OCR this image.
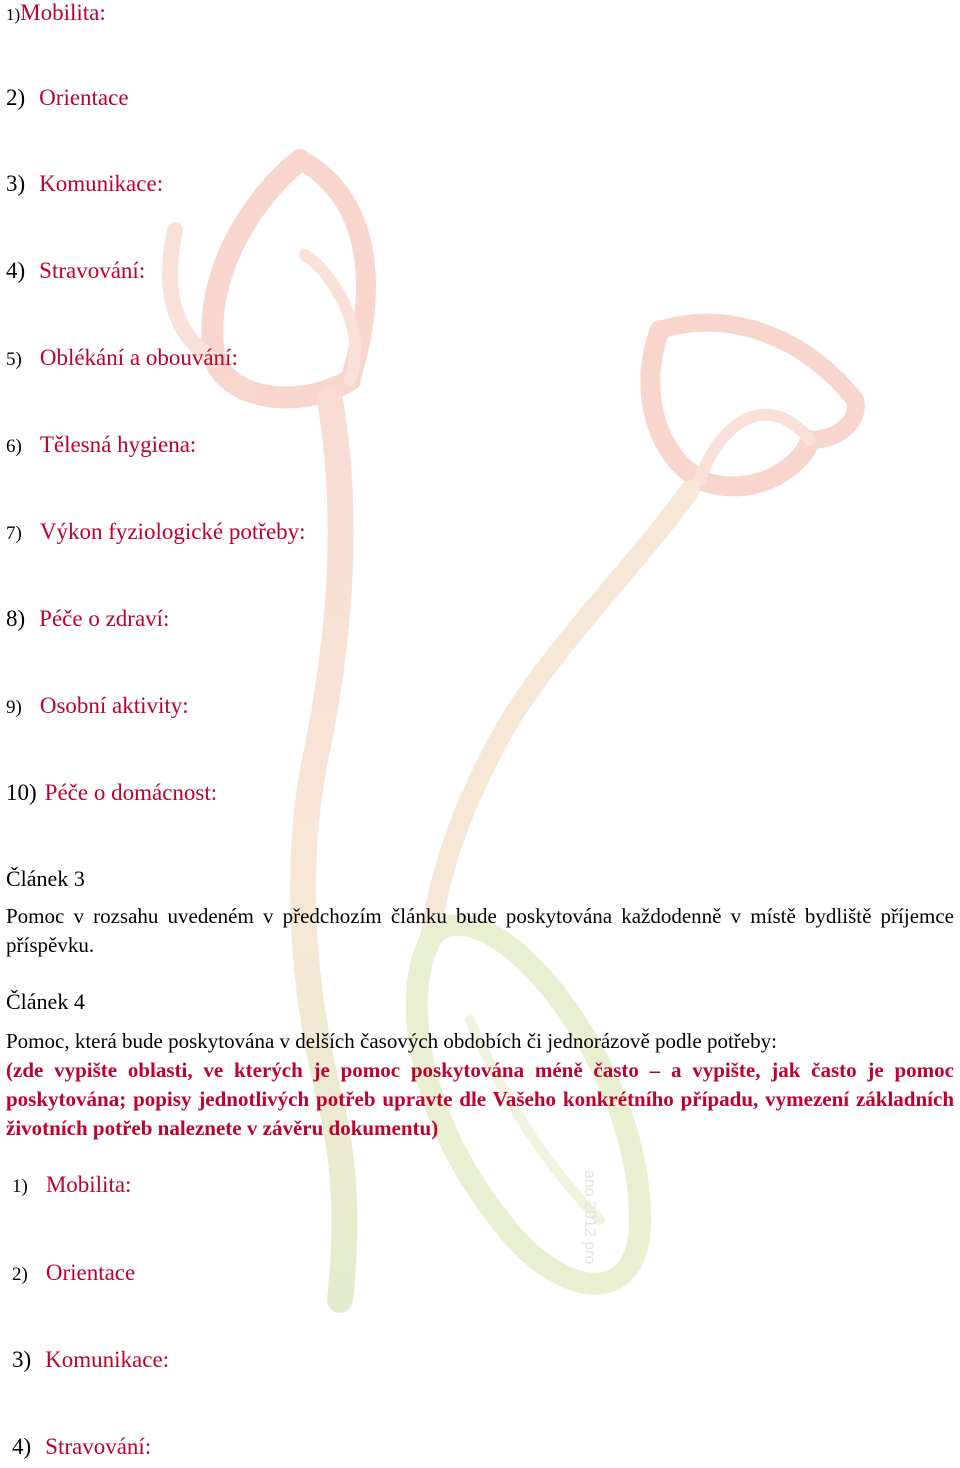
ano 2012 pro
1)Mobilita:
2) Orientace
3) Komunikace:
4) Stravování:
5) Oblékání a obouvání:
6) Tělesná hygiena:
7) Výkon fyziologické potřeby:
8) Péče o zdraví:
9) Osobní aktivity:
10) Péče o domácnost:
Článek 3
Pomoc v rozsahu uvedeném v předchozím článku bude poskytována každodenně v místě bydliště příjemce příspěvku.
Článek 4
Pomoc, která bude poskytována v delších časových obdobích či jednorázově podle potřeby:
(zde vypište oblasti, ve kterých je pomoc poskytována méně často – a vypište, jak často je pomoc poskytována; popisy jednotlivých potřeb upravte dle Vašeho konkrétního případu, vymezení základních životních potřeb naleznete v závěru dokumentu)
1) Mobilita:
2) Orientace
3) Komunikace:
4) Stravování:
